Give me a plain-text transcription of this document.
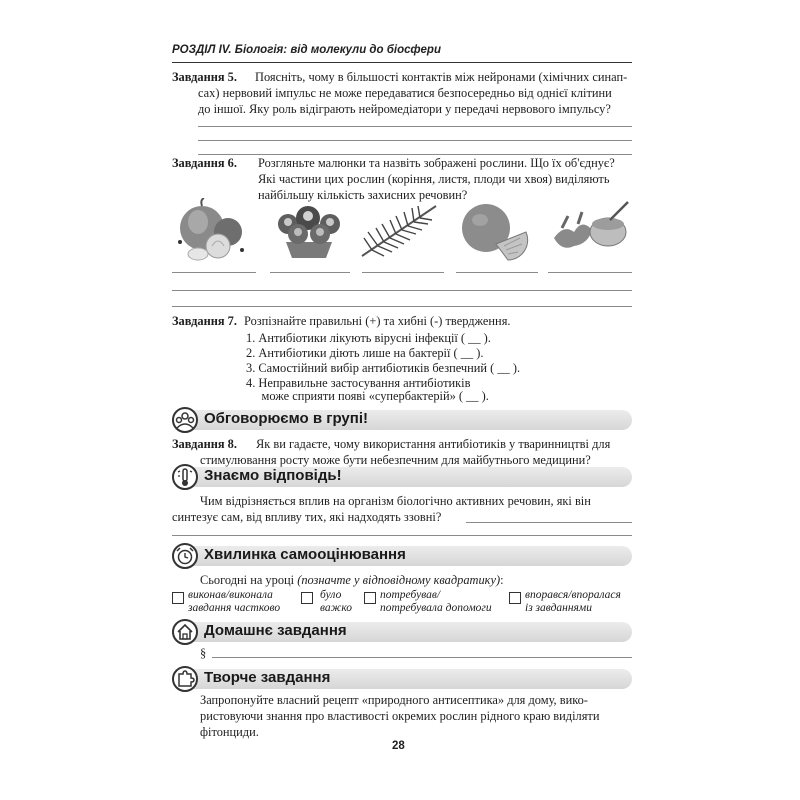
РОЗДІЛ IV. Біологія: від молекули до біосфери
Завдання 5. Поясніть, чому в більшості контактів між нейронами (хімічних синап-
сах) нервовий імпульс не може передаватися безпосередньо від однієї клітини
до іншої. Яку роль відіграють нейромедіатори у передачі нервового імпульсу?
Завдання 6. Розгляньте малюнки та назвіть зображені рослини. Що їх об'єднує?
Які частини цих рослин (коріння, листя, плоди чи хвоя) виділяють
найбільшу кількість захисних речовин?
Завдання 7. Розпізнайте правильні (+) та хибні (-) твердження.
1. Антибіотики лікують вірусні інфекції ( __ ).
2. Антибіотики діють лише на бактерії ( __ ).
3. Самостійний вибір антибіотиків безпечний ( __ ).
4. Неправильне застосування антибіотиків
може сприяти появі «супербактерій» ( __ ).
Обговорюємо в групі!
Завдання 8. Як ви гадаєте, чому використання антибіотиків у тваринництві для
стимулювання росту може бути небезпечним для майбутнього медицини?
Знаємо відповідь!
Чим відрізняється вплив на організм біологічно активних речовин, які він
синтезує сам, від впливу тих, які надходять ззовні?
Хвилинка самооцінювання
Сьогодні на уроці (позначте у відповідному квадратику):
виконав/виконала
завдання частково
було
важко
потребував/
потребувала допомоги
впорався/впоралася
із завданнями
Домашнє завдання
§
Творче завдання
Запропонуйте власний рецепт «природного антисептика» для дому, вико-
ристовуючи знання про властивості окремих рослин рідного краю виділяти
фітонциди.
28
